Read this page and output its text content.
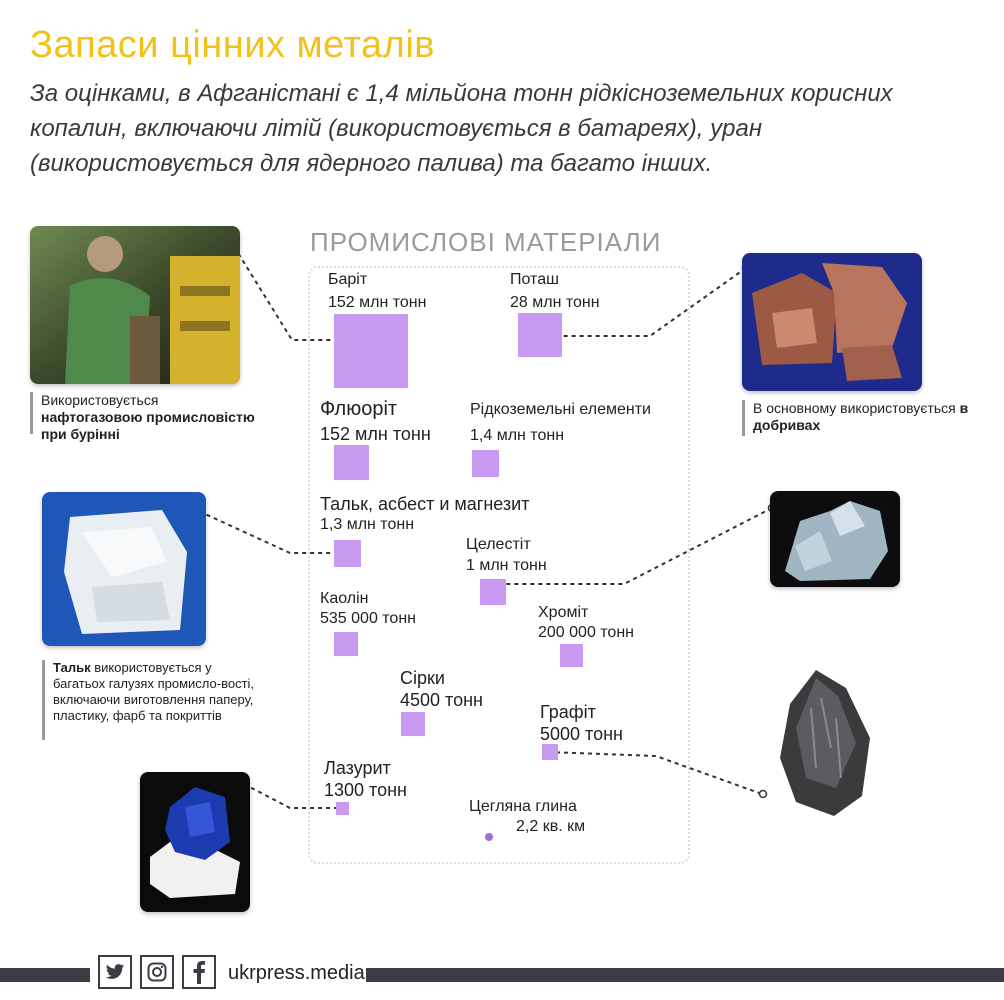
Запаси цінних металів
За оцінками, в Афганістані є 1,4 мільйона тонн рідкісноземельних корисних копалин, включаючи літій (використовується в батареях), уран (використовується для ядерного палива) та багато інших.
ПРОМИСЛОВІ МАТЕРІАЛИ
Баріт
152 млн тонн
Поташ
28 млн тонн
Флюоріт
152 млн тонн
Рідкоземельні елементи
1,4 млн тонн
Тальк, асбест и магнезит
1,3 млн тонн
Целестіт
1 млн тонн
Каолін
535 000 тонн	Хроміт
200 000 тонн
Сірки
4500 тонн
Графіт
5000 тонн
Лазурит
1300 тонн
Цегляна глина
2,2 кв. км
Використовується
нафтогазовою промисловістю при бурінні
В основному використовується в добривах
Тальк використовується у багатьох галузях промисло-вості, включаючи виготовлення паперу, пластику, фарб та покриттів
ukrpress.media
